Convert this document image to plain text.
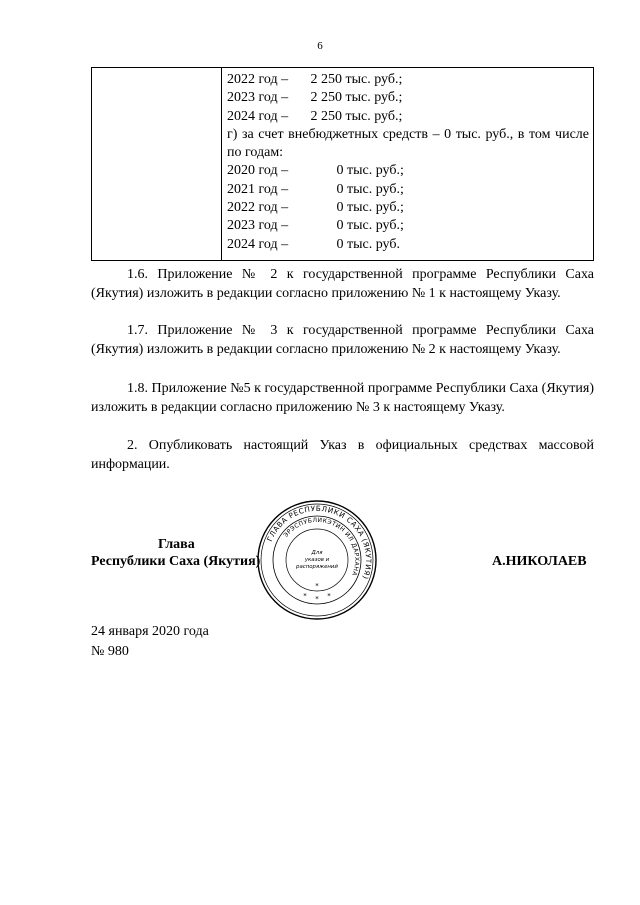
6

2022 год – 2 250 тыс. руб.;
2023 год – 2 250 тыс. руб.;
2024 год – 2 250 тыс. руб.;
г) за счет внебюджетных средств – 0 тыс. руб., в том числе по годам:
2020 год –	0 тыс. руб.;
2021 год –	0 тыс. руб.;
2022 год –	0 тыс. руб.;
2023 год –	0 тыс. руб.;
2024 год –	0 тыс. руб.
1.6. Приложение № 2 к государственной программе Республики Саха (Якутия) изложить в редакции согласно приложению № 1 к настоящему Указу.
1.7. Приложение № 3 к государственной программе Республики Саха (Якутия) изложить в редакции согласно приложению № 2 к настоящему Указу.
1.8. Приложение №5 к государственной программе Республики Саха (Якутия) изложить в редакции согласно приложению № 3 к настоящему Указу.
2. Опубликовать настоящий Указ в официальных средствах массовой информации.
Глава
Республики Саха (Якутия)	А.НИКОЛАЕВ
ГЛАВА РЕСПУБЛИКИ САХА (ЯКУТИЯ)
ЭРЭСПУБЛИКЭТИН ИЛ ДАРХАНА
Для
указов и
распоряжений
*
* * *
24 января 2020 года
№ 980
